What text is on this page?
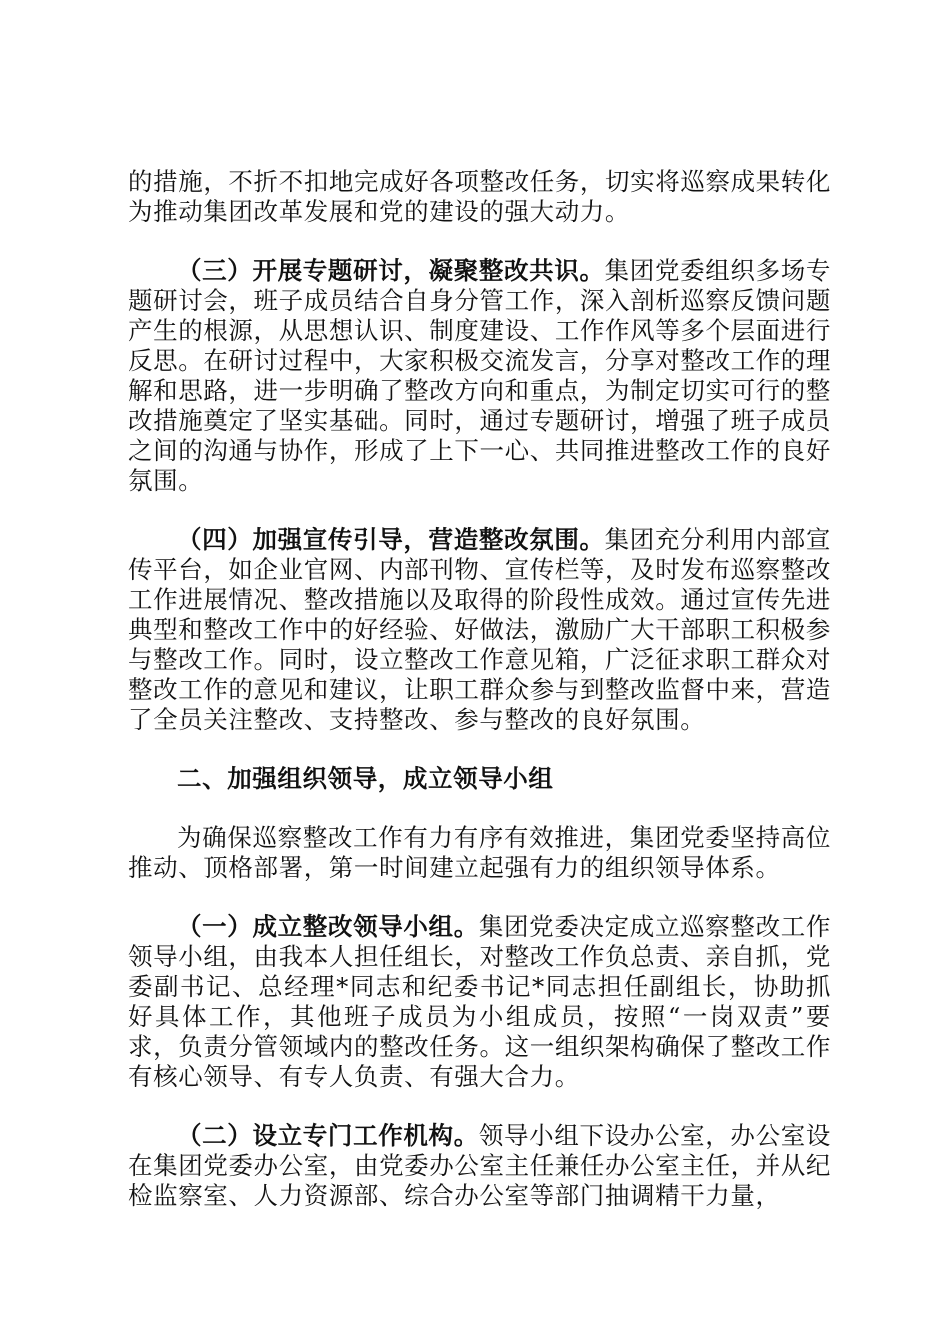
的措施，不折不扣地完成好各项整改任务，切实将巡察成果转化为推动集团改革发展和党的建设的强大动力。

（三）开展专题研讨，凝聚整改共识。集团党委组织多场专题研讨会，班子成员结合自身分管工作，深入剖析巡察反馈问题产生的根源，从思想认识、制度建设、工作作风等多个层面进行反思。在研讨过程中，大家积极交流发言，分享对整改工作的理解和思路，进一步明确了整改方向和重点，为制定切实可行的整改措施奠定了坚实基础。同时，通过专题研讨，增强了班子成员之间的沟通与协作，形成了上下一心、共同推进整改工作的良好氛围。

（四）加强宣传引导，营造整改氛围。集团充分利用内部宣传平台，如企业官网、内部刊物、宣传栏等，及时发布巡察整改工作进展情况、整改措施以及取得的阶段性成效。通过宣传先进典型和整改工作中的好经验、好做法，激励广大干部职工积极参与整改工作。同时，设立整改工作意见箱，广泛征求职工群众对整改工作的意见和建议，让职工群众参与到整改监督中来，营造了全员关注整改、支持整改、参与整改的良好氛围。

二、加强组织领导，成立领导小组

为确保巡察整改工作有力有序有效推进，集团党委坚持高位推动、顶格部署，第一时间建立起强有力的组织领导体系。

（一）成立整改领导小组。集团党委决定成立巡察整改工作领导小组，由我本人担任组长，对整改工作负总责、亲自抓，党委副书记、总经理*同志和纪委书记*同志担任副组长，协助抓好具体工作，其他班子成员为小组成员，按照“一岗双责”要求，负责分管领域内的整改任务。这一组织架构确保了整改工作有核心领导、有专人负责、有强大合力。

（二）设立专门工作机构。领导小组下设办公室，办公室设在集团党委办公室，由党委办公室主任兼任办公室主任，并从纪检监察室、人力资源部、综合办公室等部门抽调精干力量，
